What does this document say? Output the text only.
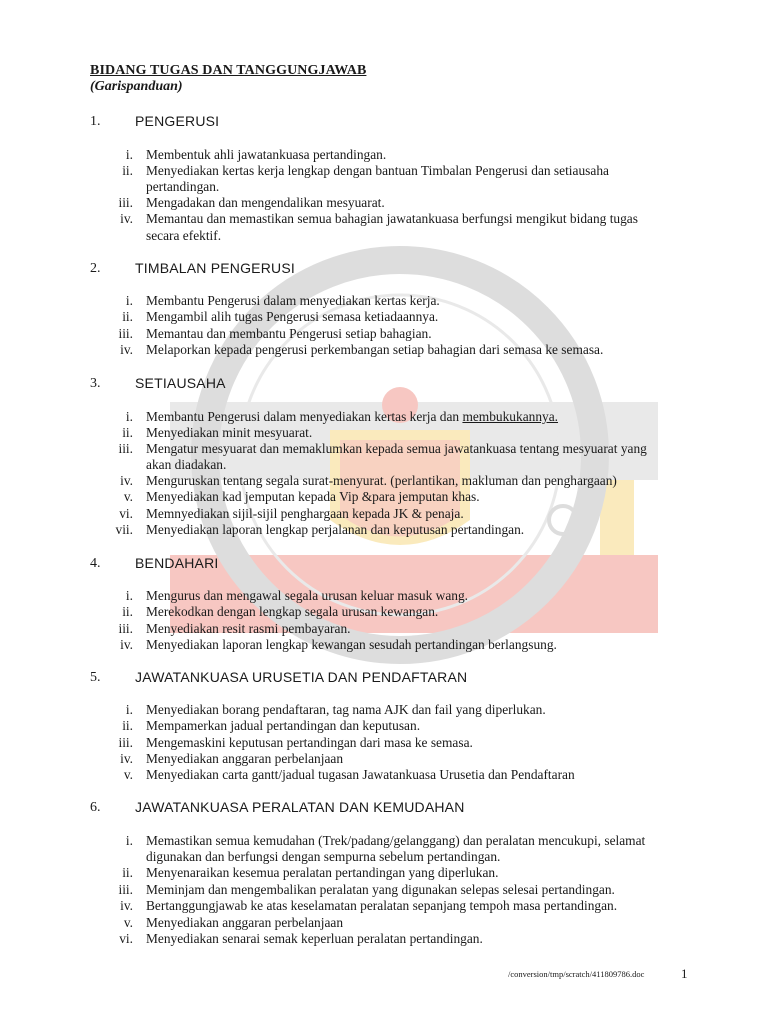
BIDANG TUGAS DAN TANGGUNGJAWAB
(Garispanduan)
1. PENGERUSI
i. Membentuk ahli jawatankuasa pertandingan.
ii. Menyediakan kertas kerja lengkap dengan bantuan Timbalan Pengerusi dan setiausaha
pertandingan.
iii. Mengadakan dan mengendalikan mesyuarat.
iv. Memantau dan memastikan semua bahagian jawatankuasa berfungsi mengikut bidang tugas
secara efektif.
2. TIMBALAN PENGERUSI
i. Membantu Pengerusi dalam menyediakan kertas kerja.
ii. Mengambil alih tugas Pengerusi semasa ketiadaannya.
iii. Memantau dan membantu Pengerusi setiap bahagian.
iv. Melaporkan kepada pengerusi perkembangan setiap bahagian dari semasa ke semasa.
3. SETIAUSAHA
i. Membantu Pengerusi dalam menyediakan kertas kerja dan membukukannya.
ii. Menyediakan minit mesyuarat.
iii. Mengatur mesyuarat dan memaklumkan kepada semua jawatankuasa tentang mesyuarat yang
akan diadakan.
iv. Menguruskan tentang segala surat-menyurat. (perlantikan, makluman dan penghargaan)
v. Menyediakan kad jemputan kepada Vip &para jemputan khas.
vi. Memnyediakan sijil-sijil penghargaan kepada JK & penaja.
vii. Menyediakan laporan lengkap perjalanan dan keputusan pertandingan.
4. BENDAHARI
i. Mengurus dan mengawal segala urusan keluar masuk wang.
ii. Merekodkan dengan lengkap segala urusan kewangan.
iii. Menyediakan resit rasmi pembayaran.
iv. Menyediakan laporan lengkap kewangan sesudah pertandingan berlangsung.
5. JAWATANKUASA URUSETIA DAN PENDAFTARAN
i. Menyediakan borang pendaftaran, tag nama AJK dan fail yang diperlukan.
ii. Mempamerkan jadual pertandingan dan keputusan.
iii. Mengemaskini keputusan pertandingan dari masa ke semasa.
iv. Menyediakan anggaran perbelanjaan
v. Menyediakan carta gantt/jadual tugasan Jawatankuasa Urusetia dan Pendaftaran
6. JAWATANKUASA PERALATAN DAN KEMUDAHAN
i. Memastikan semua kemudahan (Trek/padang/gelanggang) dan peralatan mencukupi, selamat
digunakan dan berfungsi dengan sempurna sebelum pertandingan.
ii. Menyenaraikan kesemua peralatan pertandingan yang diperlukan.
iii. Meminjam dan mengembalikan peralatan yang digunakan selepas selesai pertandingan.
iv. Bertanggungjawab ke atas keselamatan peralatan sepanjang tempoh masa pertandingan.
v. Menyediakan anggaran perbelanjaan
vi. Menyediakan senarai semak keperluan peralatan pertandingan.
/conversion/tmp/scratch/411809786.doc	1
